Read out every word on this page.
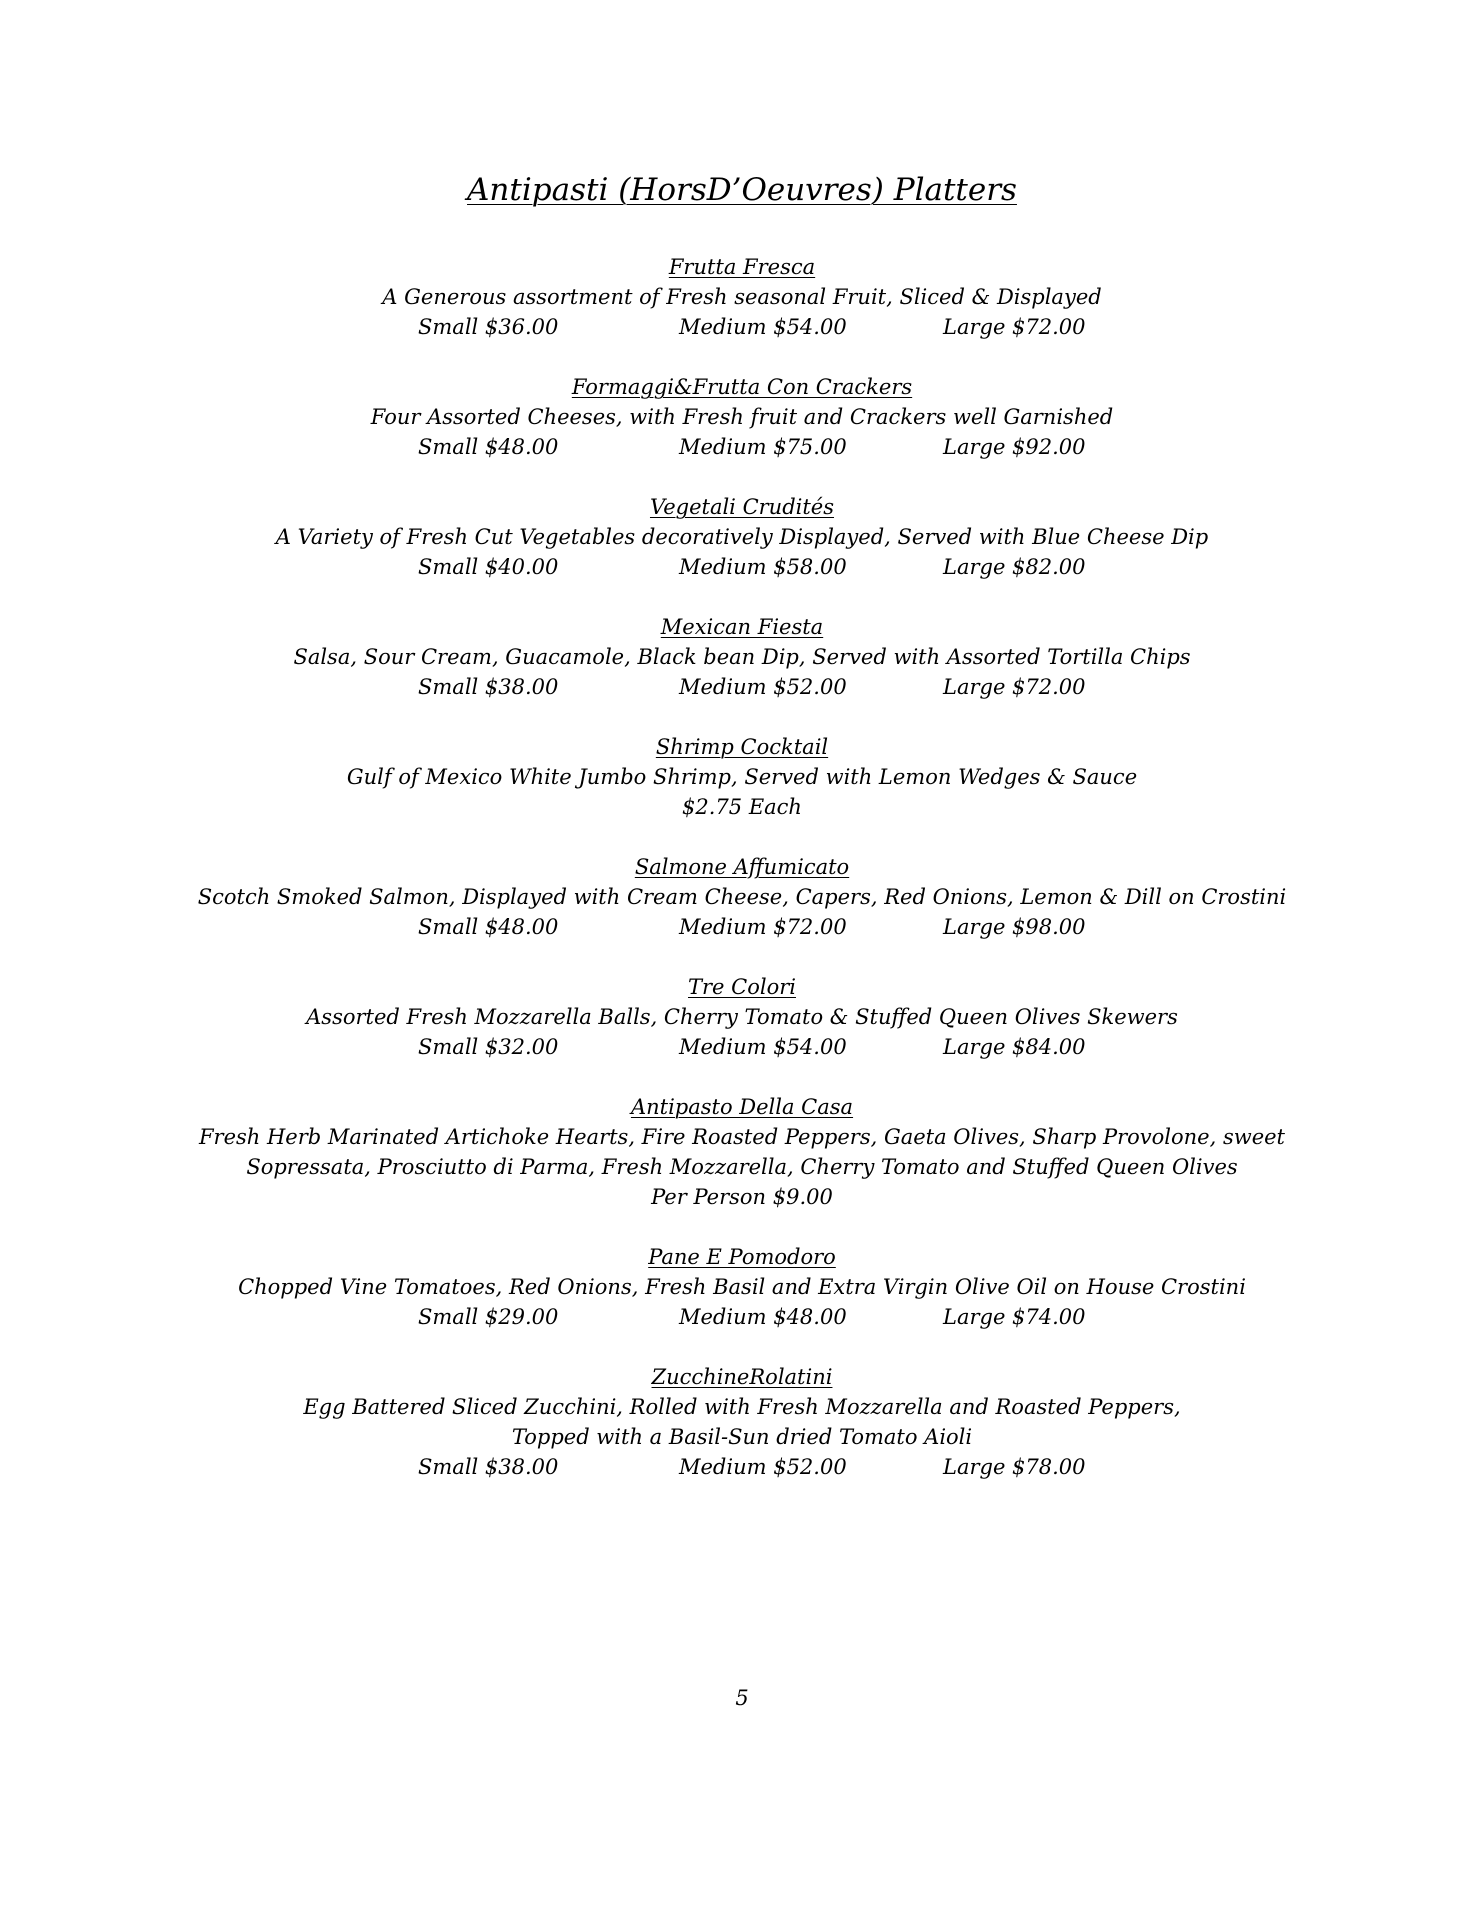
Antipasti (HorsD’Oeuvres) Platters
Frutta Fresca
A Generous assortment of Fresh seasonal Fruit, Sliced & Displayed
Small $36.00	Medium $54.00	Large $72.00
Formaggi&Frutta Con Crackers
Four Assorted Cheeses, with Fresh fruit and Crackers well Garnished
Small $48.00	Medium $75.00	Large $92.00
Vegetali Crudités
A Variety of Fresh Cut Vegetables decoratively Displayed, Served with Blue Cheese Dip
Small $40.00	Medium $58.00	Large $82.00
Mexican Fiesta
Salsa, Sour Cream, Guacamole, Black bean Dip, Served with Assorted Tortilla Chips
Small $38.00	Medium $52.00	Large $72.00
Shrimp Cocktail
Gulf of Mexico White Jumbo Shrimp, Served with Lemon Wedges & Sauce
$2.75 Each
Salmone Affumicato
Scotch Smoked Salmon, Displayed with Cream Cheese, Capers, Red Onions, Lemon & Dill on Crostini
Small $48.00	Medium $72.00	Large $98.00
Tre Colori
Assorted Fresh Mozzarella Balls, Cherry Tomato & Stuffed Queen Olives Skewers
Small $32.00	Medium $54.00	Large $84.00
Antipasto Della Casa
Fresh Herb Marinated Artichoke Hearts, Fire Roasted Peppers, Gaeta Olives, Sharp Provolone, sweet
Sopressata, Prosciutto di Parma, Fresh Mozzarella, Cherry Tomato and Stuffed Queen Olives
Per Person $9.00
Pane E Pomodoro
Chopped Vine Tomatoes, Red Onions, Fresh Basil and Extra Virgin Olive Oil on House Crostini
Small $29.00	Medium $48.00	Large $74.00
ZucchineRolatini
Egg Battered Sliced Zucchini, Rolled with Fresh Mozzarella and Roasted Peppers,
Topped with a Basil-Sun dried Tomato Aioli
Small $38.00	Medium $52.00	Large $78.00
5
